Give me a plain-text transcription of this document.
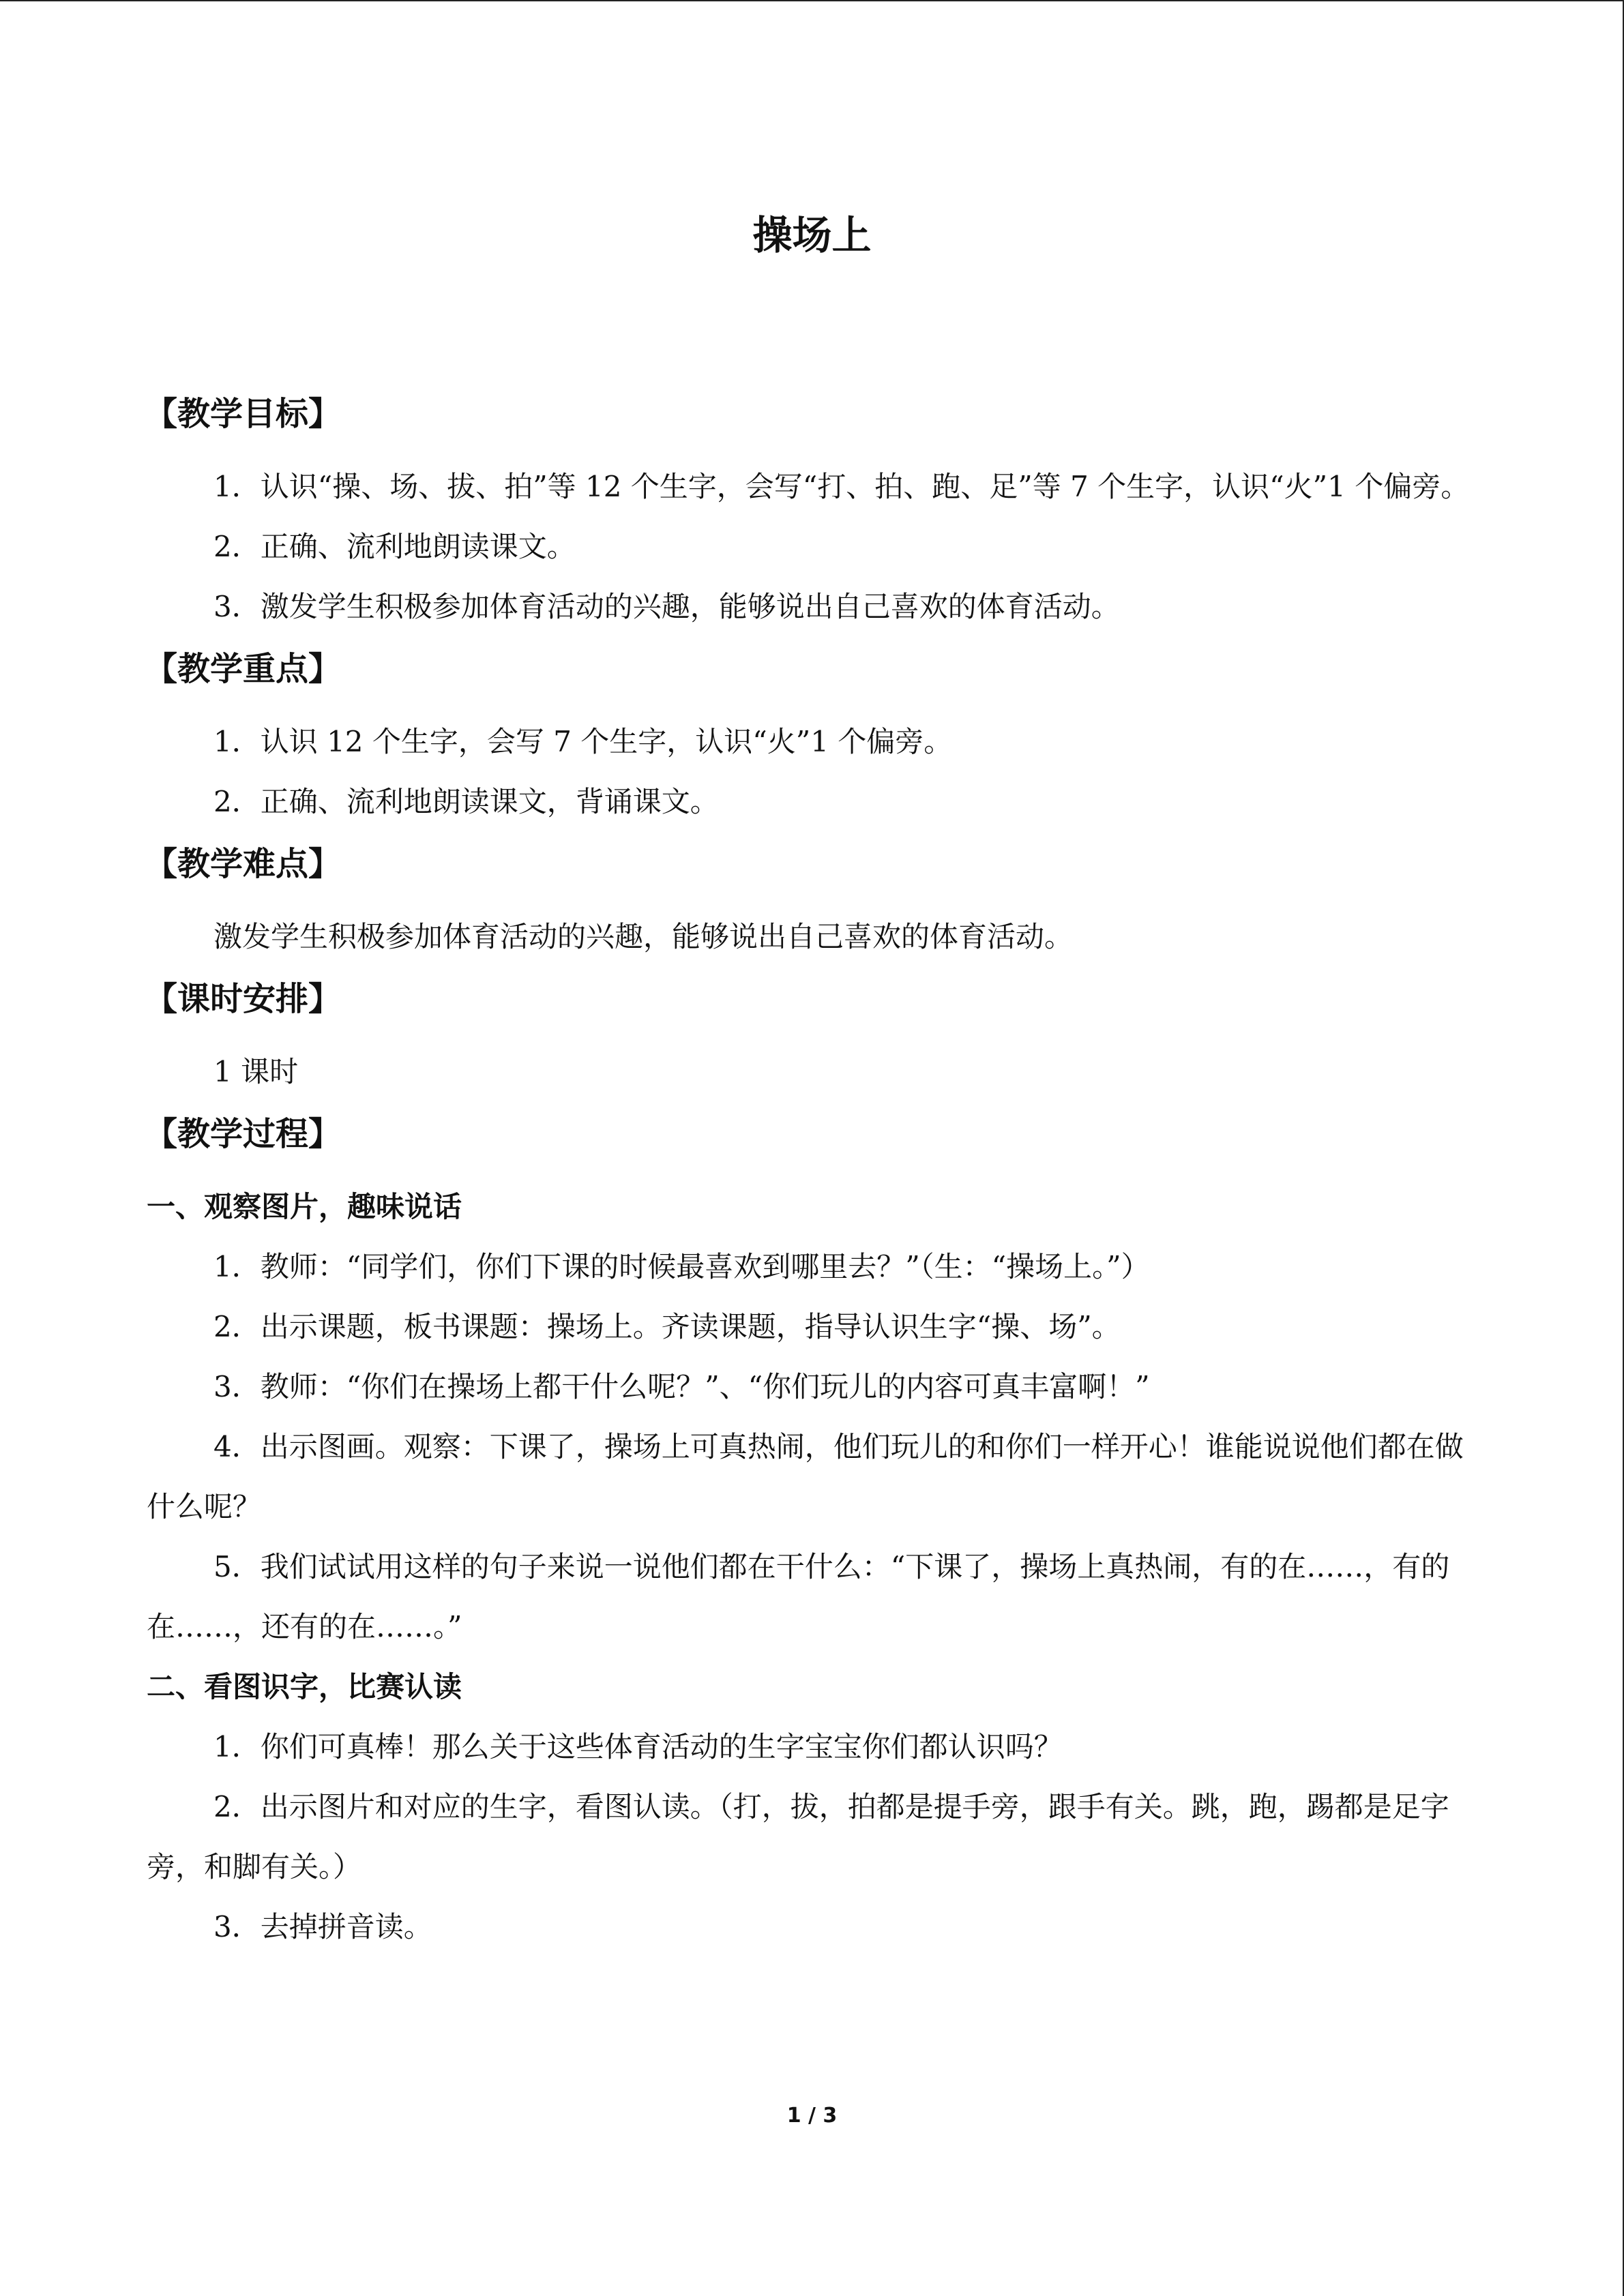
操场上
【教学目标】

1．认识“操、场、拔、拍”等 12 个生字，会写“打、拍、跑、足”等 7 个生字，认识“火”1 个偏旁。

2．正确、流利地朗读课文。

3．激发学生积极参加体育活动的兴趣，能够说出自己喜欢的体育活动。

【教学重点】

1．认识 12 个生字，会写 7 个生字，认识“火”1 个偏旁。

2．正确、流利地朗读课文，背诵课文。

【教学难点】

激发学生积极参加体育活动的兴趣，能够说出自己喜欢的体育活动。

【课时安排】

1 课时

【教学过程】
一、观察图片，趣味说话

1．教师：“同学们，你们下课的时候最喜欢到哪里去？”（生：“操场上。”）

2．出示课题，板书课题：操场上。齐读课题，指导认识生字“操、场”。

3．教师：“你们在操场上都干什么呢？”、“你们玩儿的内容可真丰富啊！”

4．出示图画。观察：下课了，操场上可真热闹，他们玩儿的和你们一样开心！谁能说说他们都在做什么呢？

5．我们试试用这样的句子来说一说他们都在干什么：“下课了，操场上真热闹，有的在……，有的在……，还有的在……。”

二、看图识字，比赛认读

1．你们可真棒！那么关于这些体育活动的生字宝宝你们都认识吗？

2．出示图片和对应的生字，看图认读。（打，拔，拍都是提手旁，跟手有关。跳，跑，踢都是足字旁，和脚有关。）

3．去掉拼音读。

1 / 3
